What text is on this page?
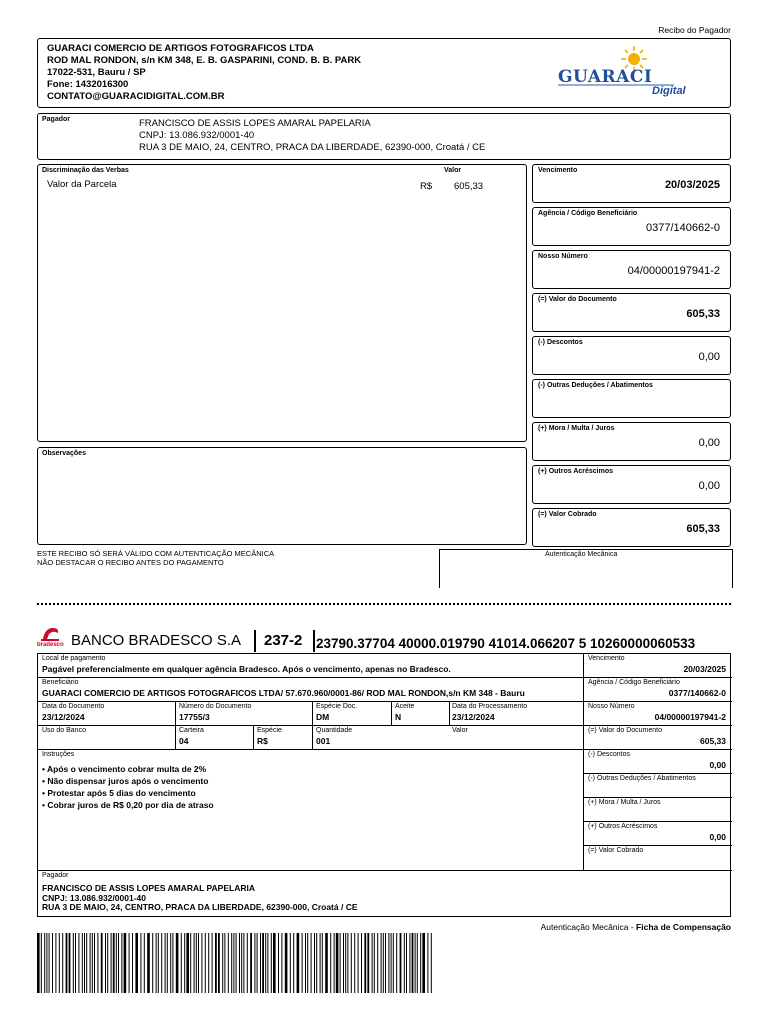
Recibo do Pagador
GUARACI COMERCIO DE ARTIGOS FOTOGRAFICOS LTDA
ROD MAL RONDON, s/n KM 348, E. B. GASPARINI, COND. B. B. PARK
17022-531, Bauru / SP
Fone: 1432016300
CONTATO@GUARACIDIGITAL.COM.BR
GUARACI
Digital
Pagador	FRANCISCO DE ASSIS LOPES AMARAL PAPELARIA
CNPJ: 13.086.932/0001-40
RUA 3 DE MAIO, 24, CENTRO, PRACA DA LIBERDADE, 62390-000, Croatá / CE
Discriminação das Verbas	Valor
Valor da Parcela	R$ 605,33
Observações
Vencimento
20/03/2025
Agência / Código Beneficiário
0377/140662-0
Nosso Número
04/00000197941-2
(=) Valor do Documento
605,33
(-) Descontos
0,00
(-) Outras Deduções / Abatimentos
(+) Mora / Multa / Juros
0,00
(+) Outros Acréscimos
0,00
(=) Valor Cobrado
605,33
ESTE RECIBO SÓ SERÁ VÁLIDO COM AUTENTICAÇÃO MECÂNICA
NÃO DESTACAR O RECIBO ANTES DO PAGAMENTO
Autenticação Mecânica
bradesco BANCO BRADESCO S.A 237-2 23790.37704 40000.019790 41014.066207 5 10260000060533
Local de pagamento
Pagável preferencialmente em qualquer agência Bradesco. Após o vencimento, apenas no Bradesco.
Beneficiário
GUARACI COMERCIO DE ARTIGOS FOTOGRAFICOS LTDA/ 57.670.960/0001-86/ ROD MAL RONDON,s/n KM 348 - Bauru
Data do Documento
23/12/2024
Número do Documento
17755/3
Espécie Doc.
DM
Aceite
N
Data do Processamento
23/12/2024
Uso do Banco	Carteira
04
Espécie
R$
Quantidade
001
Valor
Instruções
• Após o vencimento cobrar multa de 2%
• Não dispensar juros após o vencimento
• Protestar após 5 dias do vencimento
• Cobrar juros de R$ 0,20 por dia de atraso
Vencimento
20/03/2025
Agência / Código Beneficiário
0377/140662-0
Nosso Número
04/00000197941-2
(=) Valor do Documento
605,33
(-) Descontos
0,00
(-) Outras Deduções / Abatimentos
(+) Mora / Multa / Juros
(+) Outros Acréscimos
0,00
(=) Valor Cobrado
Pagador
FRANCISCO DE ASSIS LOPES AMARAL PAPELARIA
CNPJ: 13.086.932/0001-40
RUA 3 DE MAIO, 24, CENTRO, PRACA DA LIBERDADE, 62390-000, Croatá / CE
Autenticação Mecânica - Ficha de Compensação
